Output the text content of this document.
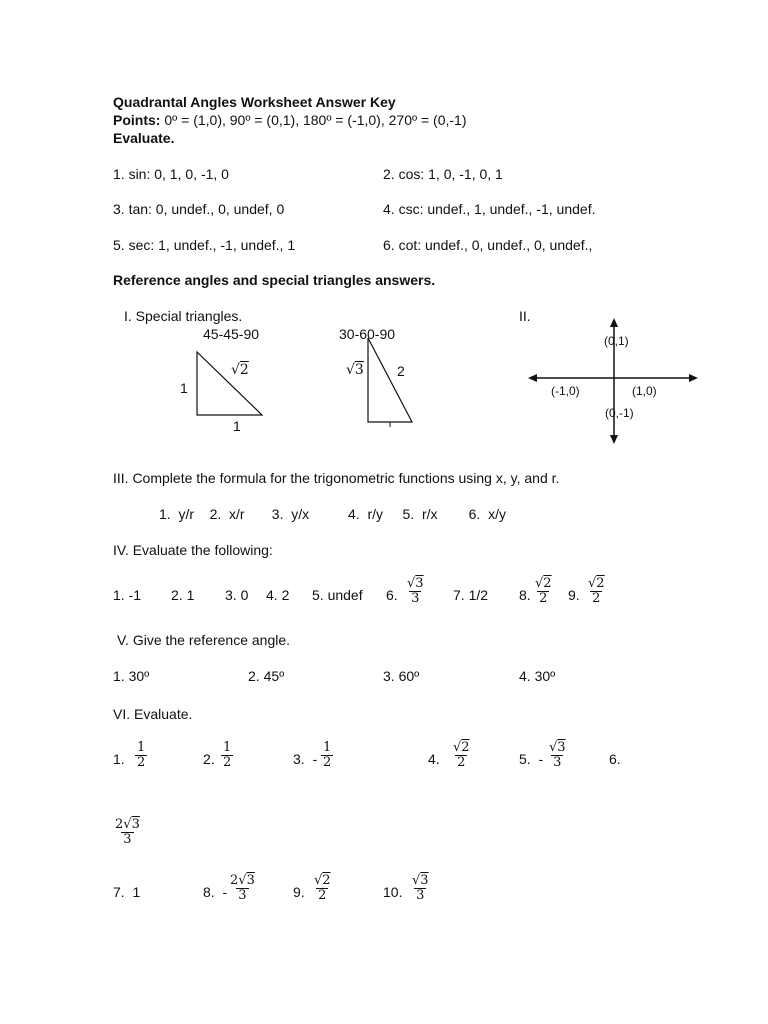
Quadrantal Angles Worksheet Answer Key
Points: 0º = (1,0), 90º = (0,1), 180º = (-1,0), 270º = (0,-1)
Evaluate.
1. sin: 0, 1, 0, -1, 0	2. cos: 1, 0, -1, 0, 1
3. tan: 0, undef., 0, undef, 0	4. csc: undef., 1, undef., -1, undef.
5. sec: 1, undef., -1, undef., 1	6. cot: undef., 0, undef., 0, undef.,
Reference angles and special triangles answers.
I. Special triangles.
45-45-90	30-60-90
1
1
√2	√3 2
II.
(0,1)
(-1,0)	(1,0)
(0,-1)
III. Complete the formula for the trigonometric functions using x, y, and r.
1.  y/r    2.  x/r       3.  y/x          4.  r/y     5.  r/x        6.  x/y
IV. Evaluate the following:
1. -1 2. 1 3. 0 4. 2 5. undef 6. $\frac{√3}{3} 7$. 1/2 8. $\frac{√2}{2} 9$. $\frac{√2}{2}$
V. Give the reference angle.
1. 30º	2. 45º	3. 60º	4. 30º
VI. Evaluate.
1. $\frac{1}{2}$	2. $\frac{1}{2}$	3.  - $\frac{1}{2}$	4. $\frac{√2}{2}$	5.  - $\frac{√3}{3}$	6.
$\frac{2√3}{3}$
7.  1	8.  - $\frac{2√3}{3}$	9. $\frac{√2}{2}$	10. $\frac{√3}{3}$
